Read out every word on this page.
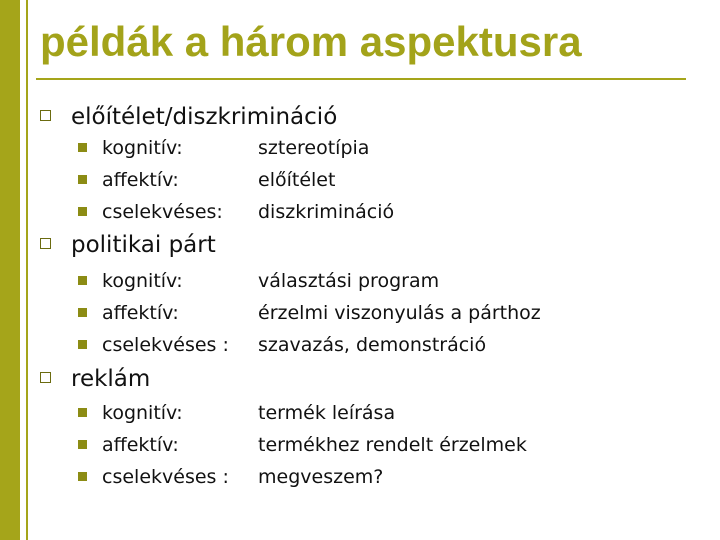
példák a három aspektusra
előítélet/diszkrimináció
kognitív:	sztereotípia
affektív:	előítélet
cselekvéses: diszkrimináció
politikai párt
kognitív:	választási program
affektív:	érzelmi viszonyulás a párthoz
cselekvéses : szavazás, demonstráció
reklám
kognitív:	termék leírása
affektív:	termékhez rendelt érzelmek
cselekvéses : megveszem?
